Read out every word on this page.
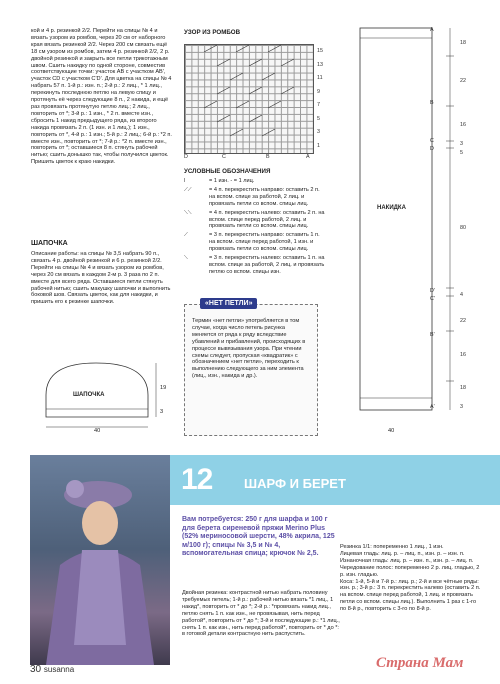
кой и 4 р. резинкой 2/2. Перейти на спицы № 4 и вязать узором из ромбов, через 20 см от наборного края вязать резинкой 2/2. Через 200 см связать ещё 18 см узором из ромбов, затем 4 р. резинкой 2/2, 2 р. двойной резинкой и закрыть все петли трикотажным швом. Сшить накидку по одной стороне, совместив соответствующие точки: участок AB с участком AB', участок CD с участком C'D'. Для цветка на спицы № 4 набрать 57 п. 1-й р.: изн. п.; 2-й р.: 2 лиц., * 1 лиц., перекинуть последнюю петлю на левую спицу и протянуть её через следующие 8 п., 2 накида, и ещё раз провязать протянутую петлю лиц.; 2 лиц., повторить от *; 3-й р.: 1 изн., * 2 п. вместе изн., сбросить 1 накид предыдущего ряда, из второго накида провязать 2 п. (1 изн. и 1 лиц.); 1 изн., повторить от *, 4-й р.: 1 изн.; 5-й р.: 2 лиц.; 6-й р.: *2 п. вместе изн., повторить от *; 7-й р.: *2 п. вместе изн., повторить от *; оставшиеся 8 п. стянуть рабочей нитью; сшить донышко так, чтобы получился цветок. Пришить цветок к краю накидки.

ШАПОЧКА

Описание работы: на спицы № 3,5 набрать 90 п., связать 4 р. двойной резинкой и 6 р. резинкой 2/2. Перейти на спицы № 4 и вязать узором из ромбов, через 20 см вязать в каждом 2-м р. 3 раза по 2 п. вместе для всего ряда. Оставшиеся петли стянуть рабочей нитью; сшить макушку шапочки и выполнить боковой шов. Связать цветок, как для накидки, и пришить его к резинке шапочки.

ШАПОЧКА
19
3
40
УЗОР ИЗ РОМБОВ
15
13
11
9
7
5
3
1
D	C	B	A
УСЛОВНЫЕ ОБОЗНАЧЕНИЯ
I	= 1 изн. - = 1 лиц.
⟋⟋	= 4 п. перекрестить направо: оставить 2 п. на вспом. спице за работой, 2 лиц. и провязать петли со вспом. спицы лиц.
⟍⟍	= 4 п. перекрестить налево: оставить 2 п. на вспом. спице перед работой, 2 лиц. и провязать петли со вспом. спицы лиц.
⟋	= 3 п. перекрестить направо: оставить 1 п. на вспом. спице перед работой, 1 изн. и провязать петли со вспом. спицы лиц.
⟍	= 3 п. перекрестить налево: оставить 1 п. на вспом. спице за работой, 2 лиц. и провязать петлю со вспом. спицы изн.
«НЕТ ПЕТЛИ»
Термин «нет петли» употребляется в том случае, когда число петель рисунка меняется от ряда к ряду вследствие убавлений и прибавлений, происходящих в процессе вывязывания узора. При чтении схемы следует, пропуская «квадратик» с обозначением «нет петли», переходить к выполнению следующего за ним элемента (лиц., изн., накида и др.).
НАКИДКА
40
A
C
D
D'
C'
B'
A'
B
18
22
16
3
5
80
4
22
16
18
3
12 ШАРФ И БЕРЕТ
Вам потребуется: 250 г для шарфа и 100 г для берета сиреневой пряжи Merino Plus (52% мериносовой шерсти, 48% акрила, 125 м/100 г); спицы № 3,5 и № 4, вспомогательная спица; крючок № 2,5.
Двойная резинка: контрастной нитью набрать половину требуемых петель; 1-й р.: рабочей нитью вязать *1 лиц., 1 накид*, повторить от * до *; 2-й р.: *провязать накид лиц., петлю снять 1 п. как изн., не провязывая, нить перед работой*, повторить от * до *; 3-й и последующие р.: *1 лиц., снять 1 п. как изн., нить перед работой*, повторить от * до *: в готовой детали контрастную нить распустить.

Резинка 1/1: попеременно 1 лиц., 1 изн.

Лицевая гладь: лиц. р. – лиц. п., изн. р. – изн. п.

Изнаночная гладь: лиц. р. – изн. п., изн. р. – лиц. п.

Чередование полос: попеременно 2 р. лиц. гладью, 2 р. изн. гладью.

Коса: 1-й, 5-й и 7-й р.: лиц. р.; 2-й и все чётные ряды: изн. р.; 3-й р.: 3 п. перекрестить налево (оставить 2 п. на вспом. спице перед работой, 1 лиц. и провязать петли со вспом. спицы лиц.). Выполнить 1 раз с 1-го по 8-й р., повторить с 3-го по 8-й р.

30 susanna	Страна Мам
